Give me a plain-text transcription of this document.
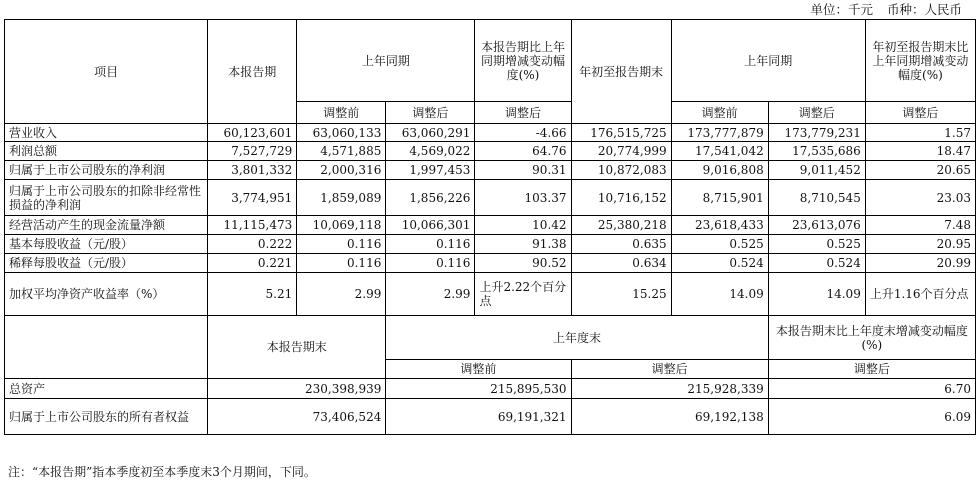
单位：千元 币种：人民币
项目	本报告期	上年同期		本报告期比上年同期增减变动幅度(%)	年初至报告期末	上年同期		年初至报告期末比上年同期增减变动幅度(%)
		调整前	调整后	调整后		调整前	调整后	调整后
营业收入	60,123,601	63,060,133	63,060,291	-4.66	176,515,725	173,777,879	173,779,231	1.57
利润总额	7,527,729	4,571,885	4,569,022	64.76	20,774,999	17,541,042	17,535,686	18.47
归属于上市公司股东的净利润	3,801,332	2,000,316	1,997,453	90.31	10,872,083	9,016,808	9,011,452	20.65
归属于上市公司股东的扣除非经常性损益的净利润	3,774,951	1,859,089	1,856,226	103.37	10,716,152	8,715,901	8,710,545	23.03
经营活动产生的现金流量净额	11,115,473	10,069,118	10,066,301	10.42	25,380,218	23,618,433	23,613,076	7.48
基本每股收益（元/股）	0.222	0.116	0.116	91.38	0.635	0.525	0.525	20.95
稀释每股收益（元/股）	0.221	0.116	0.116	90.52	0.634	0.524	0.524	20.99
加权平均净资产收益率（%）	5.21	2.99	2.99	上升2.22个百分点	15.25	14.09	14.09	上升1.16个百分点
	本报告期末		上年度末				本报告期末比上年度末增减变动幅度(%)	
			调整前		调整后		调整后	
总资产	230,398,939		215,895,530		215,928,339		6.70	
归属于上市公司股东的所有者权益	73,406,524		69,191,321		69,192,138		6.09	
注：“本报告期”指本季度初至本季度末3个月期间，下同。
